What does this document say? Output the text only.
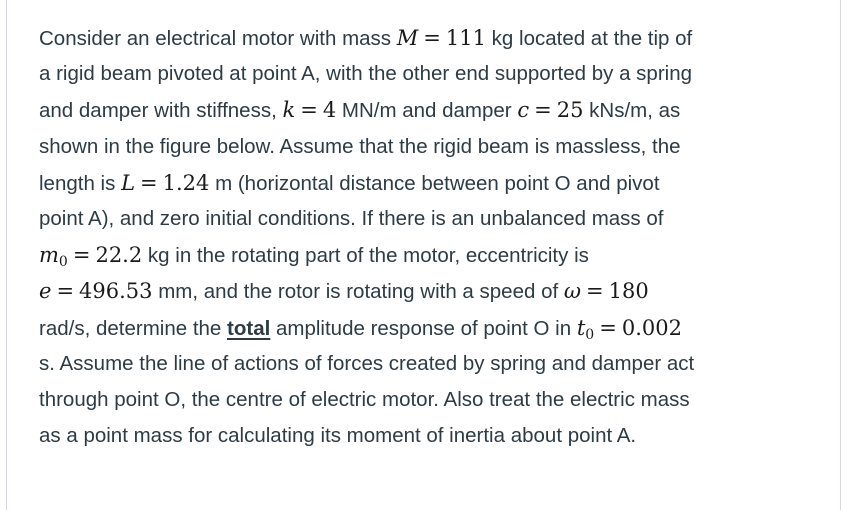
Consider an electrical motor with mass M = 111 kg located at the tip of
a rigid beam pivoted at point A, with the other end supported by a spring
and damper with stiffness, k = 4 MN/m and damper c = 25 kNs/m, as
shown in the figure below. Assume that the rigid beam is massless, the
length is L = 1.24 m (horizontal distance between point O and pivot
point A), and zero initial conditions. If there is an unbalanced mass of
$m_0 = 22.2$ kg in the rotating part of the motor, eccentricity is
e = 496.53 mm, and the rotor is rotating with a speed of ω = 180
rad/s, determine the total amplitude response of point O in $t_0 = 0.002$
s. Assume the line of actions of forces created by spring and damper act
through point O, the centre of electric motor. Also treat the electric mass
as a point mass for calculating its moment of inertia about point A.
